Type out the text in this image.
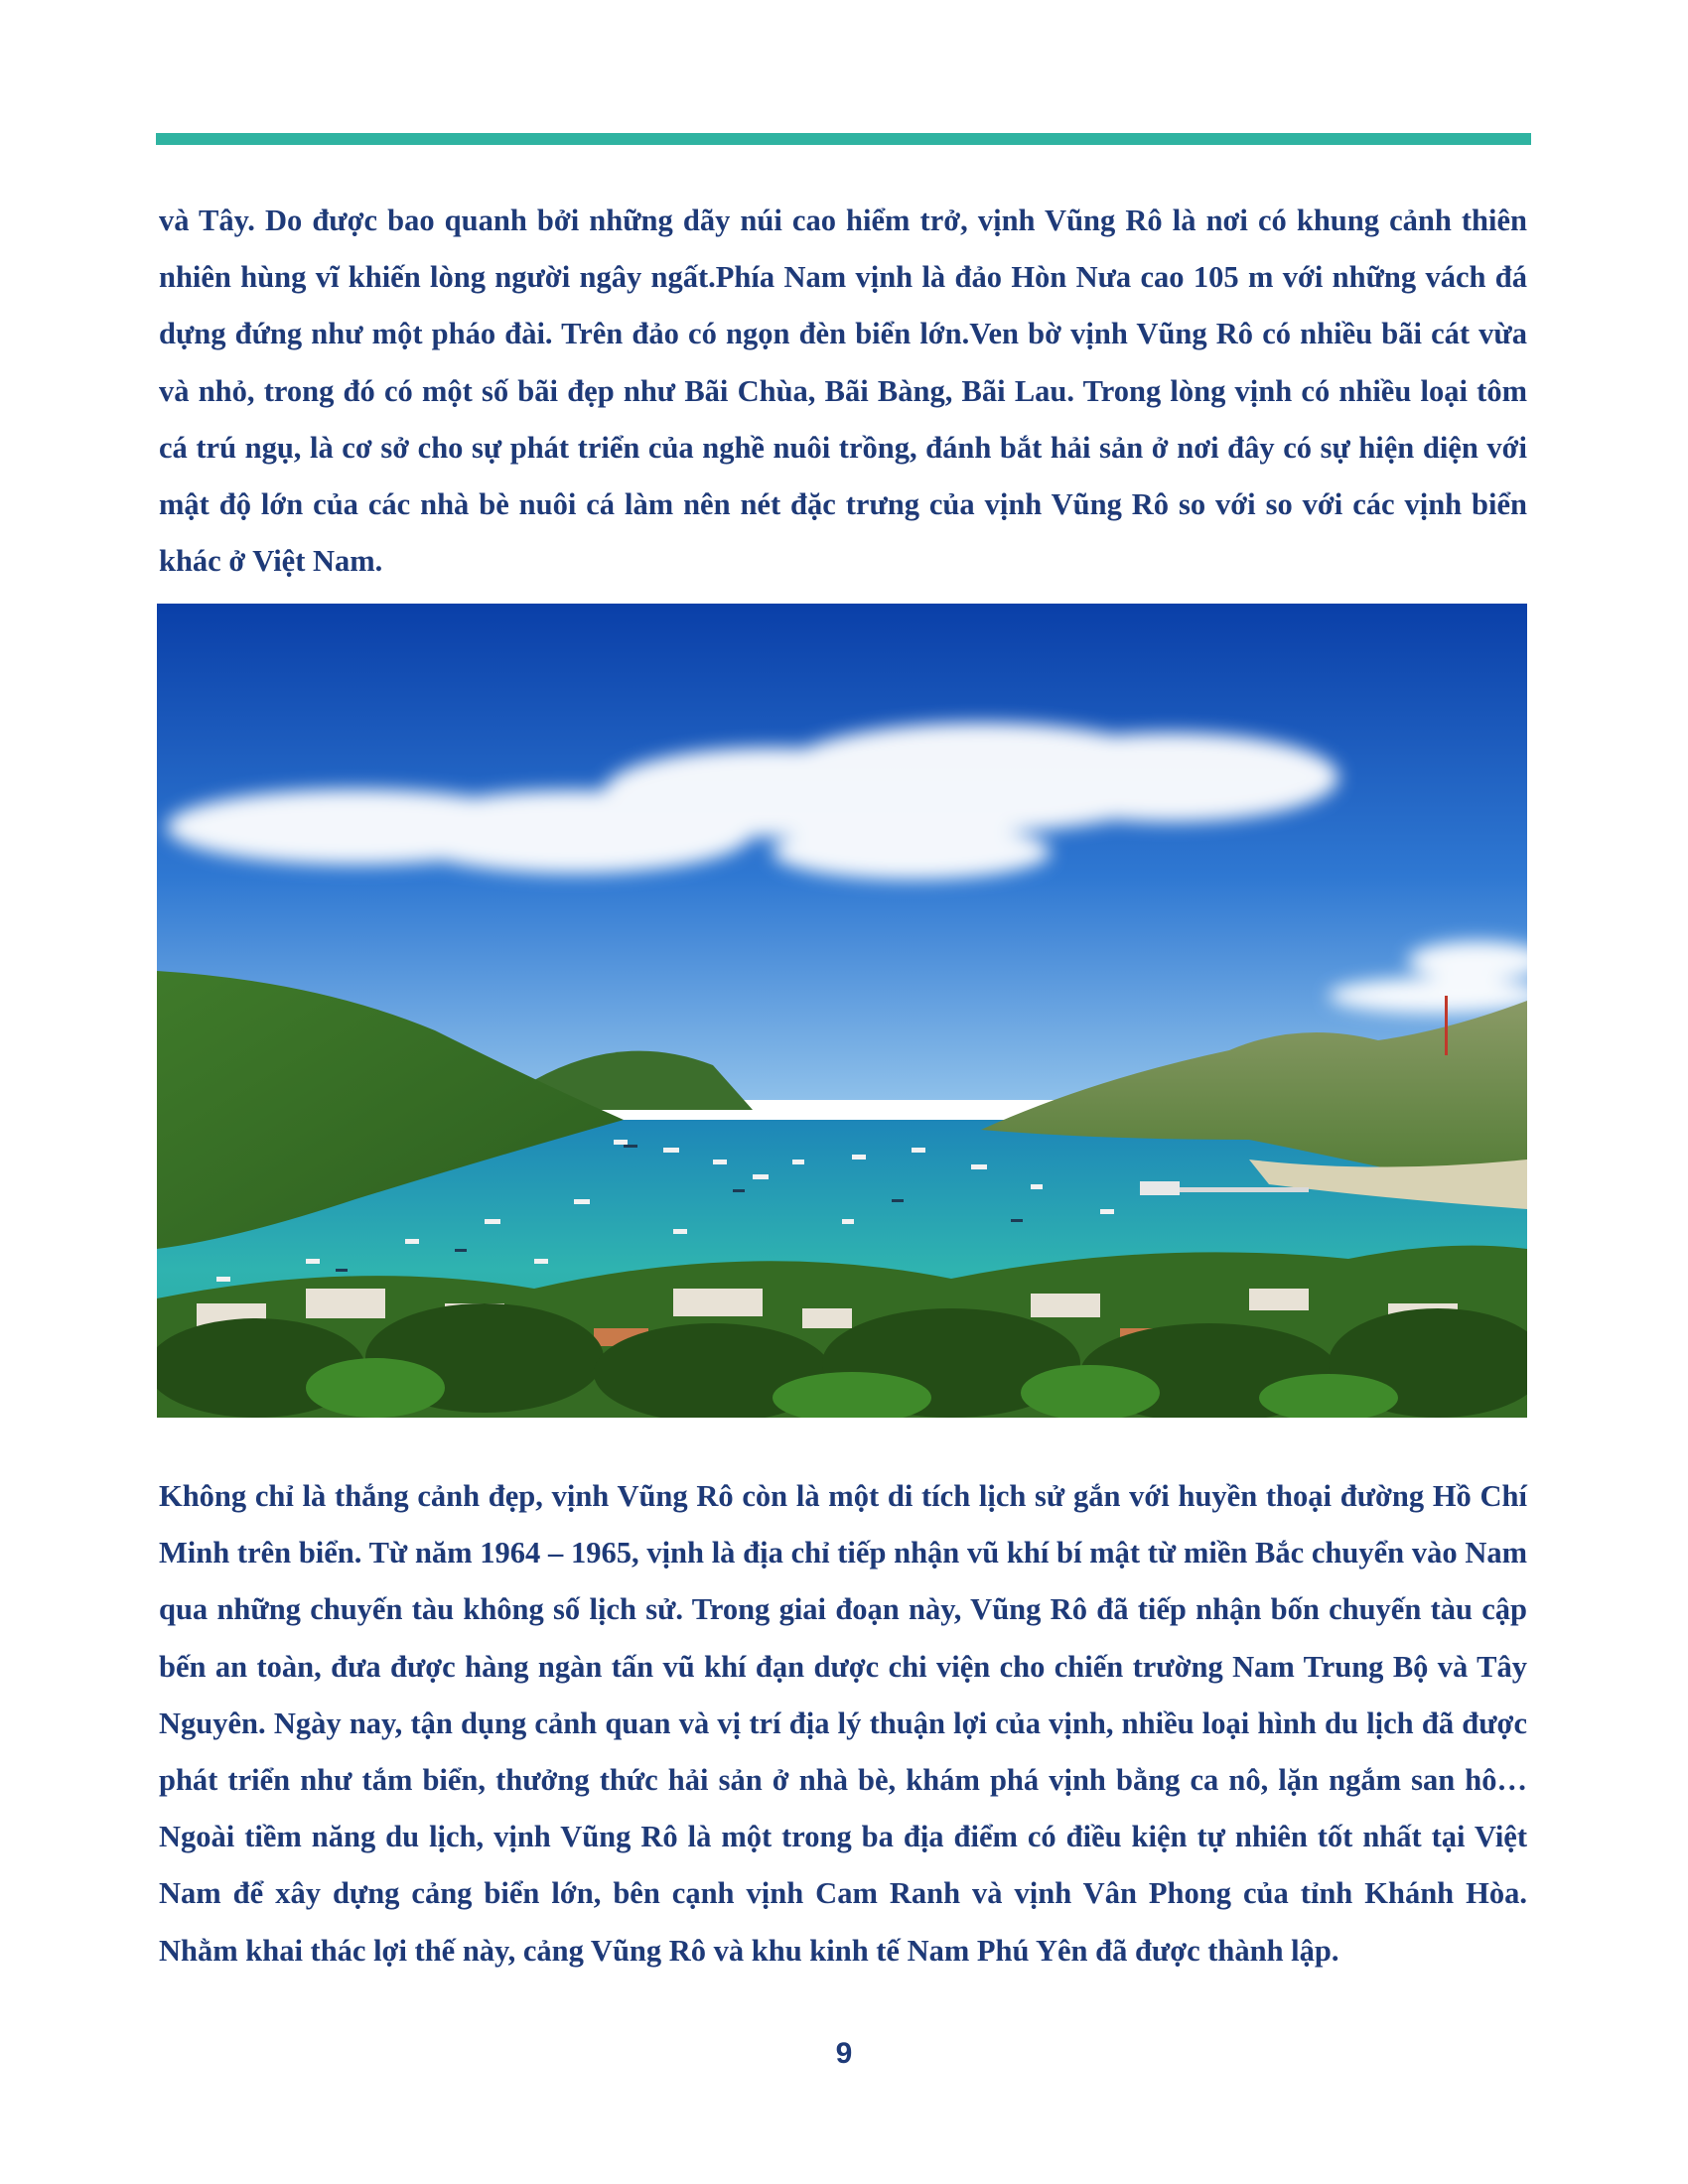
và Tây. Do được bao quanh bởi những dãy núi cao hiểm trở, vịnh Vũng Rô là nơi có khung cảnh thiên nhiên hùng vĩ khiến lòng người ngây ngất.Phía Nam vịnh là đảo Hòn Nưa cao 105 m với những vách đá dựng đứng như một pháo đài. Trên đảo có ngọn đèn biển lớn.Ven bờ vịnh Vũng Rô có nhiều bãi cát vừa và nhỏ, trong đó có một số bãi đẹp như Bãi Chùa, Bãi Bàng, Bãi Lau. Trong lòng vịnh có nhiều loại tôm cá trú ngụ, là cơ sở cho sự phát triển của nghề nuôi trồng, đánh bắt hải sản ở nơi đây có sự hiện diện với mật độ lớn của các nhà bè nuôi cá làm nên nét đặc trưng của vịnh Vũng Rô so với so với các vịnh biển khác ở Việt Nam.

Không chỉ là thắng cảnh đẹp, vịnh Vũng Rô còn là một di tích lịch sử gắn với huyền thoại đường Hồ Chí Minh trên biển. Từ năm 1964 – 1965, vịnh là địa chỉ tiếp nhận vũ khí bí mật từ miền Bắc chuyển vào Nam qua những chuyến tàu không số lịch sử. Trong giai đoạn này, Vũng Rô đã tiếp nhận bốn chuyến tàu cập bến an toàn, đưa được hàng ngàn tấn vũ khí đạn dược chi viện cho chiến trường Nam Trung Bộ và Tây Nguyên. Ngày nay, tận dụng cảnh quan và vị trí địa lý thuận lợi của vịnh, nhiều loại hình du lịch đã được phát triển như tắm biển, thưởng thức hải sản ở nhà bè, khám phá vịnh bằng ca nô, lặn ngắm san hô…Ngoài tiềm năng du lịch, vịnh Vũng Rô là một trong ba địa điểm có điều kiện tự nhiên tốt nhất tại Việt Nam để xây dựng cảng biển lớn, bên cạnh vịnh Cam Ranh và vịnh Vân Phong của tỉnh Khánh Hòa. Nhằm khai thác lợi thế này, cảng Vũng Rô và khu kinh tế Nam Phú Yên đã được thành lập.

9
